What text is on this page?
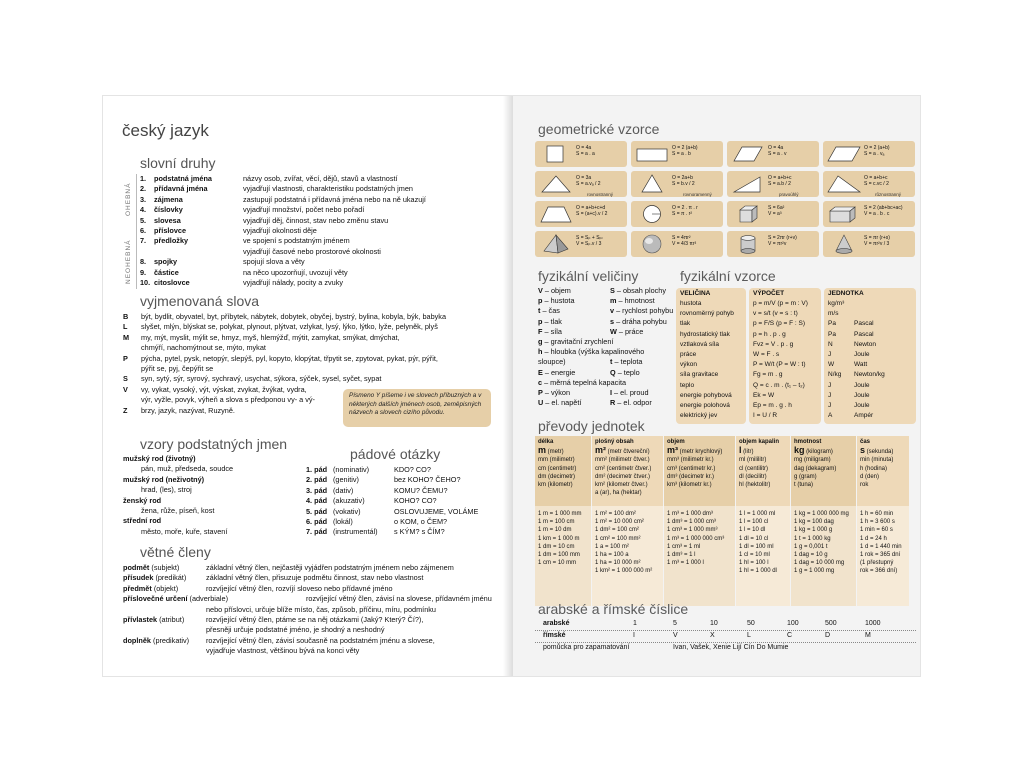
český jazyk
slovní druhy
OHEBNÁ
NEOHEBNÁ
1. podstatná jména	názvy osob, zvířat, věcí, dějů, stavů a vlastností
2. přídavná jména	vyjadřují vlastnosti, charakteristiku podstatných jmen
3. zájmena	zastupují podstatná i přídavná jména nebo na ně ukazují
4. číslovky	vyjadřují množství, počet nebo pořadí
5. slovesa	vyjadřují děj, činnost, stav nebo změnu stavu
6. příslovce	vyjadřují okolnosti děje
7. předložky	ve spojení s podstatným jménem
vyjadřují časové nebo prostorové okolnosti
8. spojky	spojují slova a věty
9. částice	na něco upozorňují, uvozují věty
10. citoslovce	vyjadřují nálady, pocity a zvuky
vyjmenovaná slova
B být, bydlit, obyvatel, byt, příbytek, nábytek, dobytek, obyčej, bystrý, bylina, kobyla, býk, babyka
L slyšet, mlýn, blýskat se, polykat, plynout, plýtvat, vzlykat, lysý, lýko, lýtko, lyže, pelyněk, plyš
M my, mýt, myslit, mýlit se, hmyz, myš, hlemýžď, mýtit, zamykat, smýkat, dmýchat,
chmýří, nachomýtnout se, mýto, mykat
P pýcha, pytel, pysk, netopýr, slepýš, pyl, kopyto, klopýtat, třpytit se, zpytovat, pykat, pýr, pýřit,
pýřit se, pyj, čepýřit se
S syn, sytý, sýr, syrový, sychravý, usychat, sýkora, sýček, sysel, syčet, sypat
V vy, vykat, vysoký, výt, výskat, zvykat, žvýkat, vydra,
výr, vyžle, povyk, výheň a slova s předponou vy- a vý-
Z brzy, jazyk, nazývat, Ruzyně.
Písmeno Y píšeme i ve slovech příbuzných a v některých dalších jménech osob, zeměpisných názvech a slovech cizího původu.
vzory podstatných jmen
mužský rod (životný)
pán, muž, předseda, soudce
mužský rod (neživotný)
hrad, (les), stroj
ženský rod
žena, růže, píseň, kost
střední rod
město, moře, kuře, stavení
pádové otázky
1. pád (nominativ)	KDO? CO?
2. pád (genitiv)	bez KOHO? ČEHO?
3. pád (dativ)	KOMU? ČEMU?
4. pád (akuzativ)	KOHO? CO?
5. pád (vokativ)	OSLOVUJEME, VOLÁME
6. pád (lokál)	o KOM, o ČEM?
7. pád (instrumentál) s KÝM? s ČÍM?
větné členy
podmět (subjekt)	základní větný člen, nejčastěji vyjádřen podstatným jménem nebo zájmenem
přísudek (predikát)	základní větný člen, přisuzuje podmětu činnost, stav nebo vlastnost
předmět (objekt)	rozvíjející větný člen, rozvíjí sloveso nebo přídavné jméno
příslovečné určení (adverbiale)	rozvíjející větný člen, závisí na slovese, přídavném jménu
nebo příslovci, určuje blíže místo, čas, způsob, příčinu, míru, podmínku
přívlastek (atribut)	rozvíjející větný člen, ptáme se na něj otázkami (Jaký? Který? Čí?),
přesněji určuje podstatné jméno, je shodný a neshodný
doplněk (predikativ) rozvíjející větný člen, závisí současně na podstatném jménu a slovese,
vyjadřuje vlastnost, většinou bývá na konci věty
geometrické vzorce
O = 4a
S = a . a
O = 2 (a+b)
S = a . b
O = 4a
S = a . v
O = 2 (a+b)
S = a . vₐ
O = 3a
S = a.vₐ / 2
O = 2a+b
S = b.v / 2
O = a+b+c
S = a.b / 2
O = a+b+c
S = c.vc / 2
O = a+b+c+d
S = (a+c).v / 2
O = 2 . π . r
S = π . r²
S = 6a²
V = a³
S = 2 (ab+bc+ac)
V = a . b . c
S = Sₚ + Sₚₗ
V = Sₚ.v / 3
S = 4πr²
V = 4/3 πr³
S = 2πr (r+v)
V = πr²v
S = πr (r+s)
V = πr²v / 3
rovnoramenný	pravoúhlý	různostranný
rovnostranný
fyzikální veličiny
V – objem	S – obsah plochy
p – hustota	m – hmotnost
t – čas	v – rychlost pohybu
p – tlak	s – dráha pohybu
F – síla	W – práce
g – gravitační zrychlení
h – hloubka (výška kapalinového
sloupce)	t – teplota
E – energie	Q – teplo
c – měrná tepelná kapacita
P – výkon	I – el. proud
U – el. napětí	R – el. odpor
fyzikální vzorce
VELIČINA	VÝPOČET	JEDNOTKA
hustota	p = m/V (p = m : V)	kg/m³
rovnoměrný pohyb	v = s/t (v = s : t)	m/s
tlak	p = F/S (p = F : S)	Pa	Pascal
hydrostatický tlak	p = h . p . g	Pa	Pascal
vztlaková síla	Fvz = V . p . g	N	Newton
práce	W = F . s	J	Joule
výkon	P = W/t (P = W : t)	W	Watt
síla gravitace	Fg = m . g	N/kg Newton/kg
teplo	Q = c . m . (t₁ – t₂)	J	Joule
energie pohybová	Ek = W	J	Joule
energie polohová	Ep = m . g . h	J	Joule
elektrický jev	I = U / R	A	Ampér
převody jednotek
délka
m (metr)
mm (milimetr)
cm (centimetr)
dm (decimetr)
km (kilometr)
1 m = 1 000 mm
1 m = 100 cm
1 m = 10 dm
1 km = 1 000 m
1 dm = 10 cm
1 dm = 100 mm
1 cm = 10 mm
plošný obsah
m² (metr čtvereční)
mm² (milimetr čtver.)
cm² (centimetr čtver.)
dm² (decimetr čtver.)
km² (kilometr čtver.)
a (ar), ha (hektar)
1 m² = 100 dm²
1 m² = 10 000 cm²
1 dm² = 100 cm²
1 cm² = 100 mm²
1 a = 100 m²
1 ha = 100 a
1 ha = 10 000 m²
1 km² = 1 000 000 m²
objem
m³ (metr krychlový)
mm³ (milimetr kr.)
cm³ (centimetr kr.)
dm³ (decimetr kr.)
km³ (kilometr kr.)
1 m³ = 1 000 dm³
1 dm³ = 1 000 cm³
1 cm³ = 1 000 mm³
1 m³ = 1 000 000 cm³
1 cm³ = 1 ml
1 dm³ = 1 l
1 m³ = 1 000 l
objem kapalin
l (litr)
ml (mililitr)
cl (centilitr)
dl (decilitr)
hl (hektolitr)
1 l = 1 000 ml
1 l = 100 cl
1 l = 10 dl
1 dl = 10 cl
1 dl = 100 ml
1 cl = 10 ml
1 hl = 100 l
1 hl = 1 000 dl
hmotnost
kg (kilogram)
mg (miligram)
dag (dekagram)
g (gram)
t (tuna)
1 kg = 1 000 000 mg
1 kg = 100 dag
1 kg = 1 000 g
1 t = 1 000 kg
1 g = 0,001 t
1 dag = 10 g
1 dag = 10 000 mg
1 g = 1 000 mg
čas
s (sekunda)
min (minuta)
h (hodina)
d (den)
rok
1 h = 60 min
1 h = 3 600 s
1 min = 60 s
1 d = 24 h
1 d = 1 440 min
1 rok = 365 dní
(1 přestupný
rok = 366 dní)
arabské a římské číslice
arabské	1	5	10	50	100	500	1000
římské	I	V	X	L	C	D	M
pomůcka pro zapamatování	Ivan, Vašek, Xenie Lijí Cín Do Mumie
